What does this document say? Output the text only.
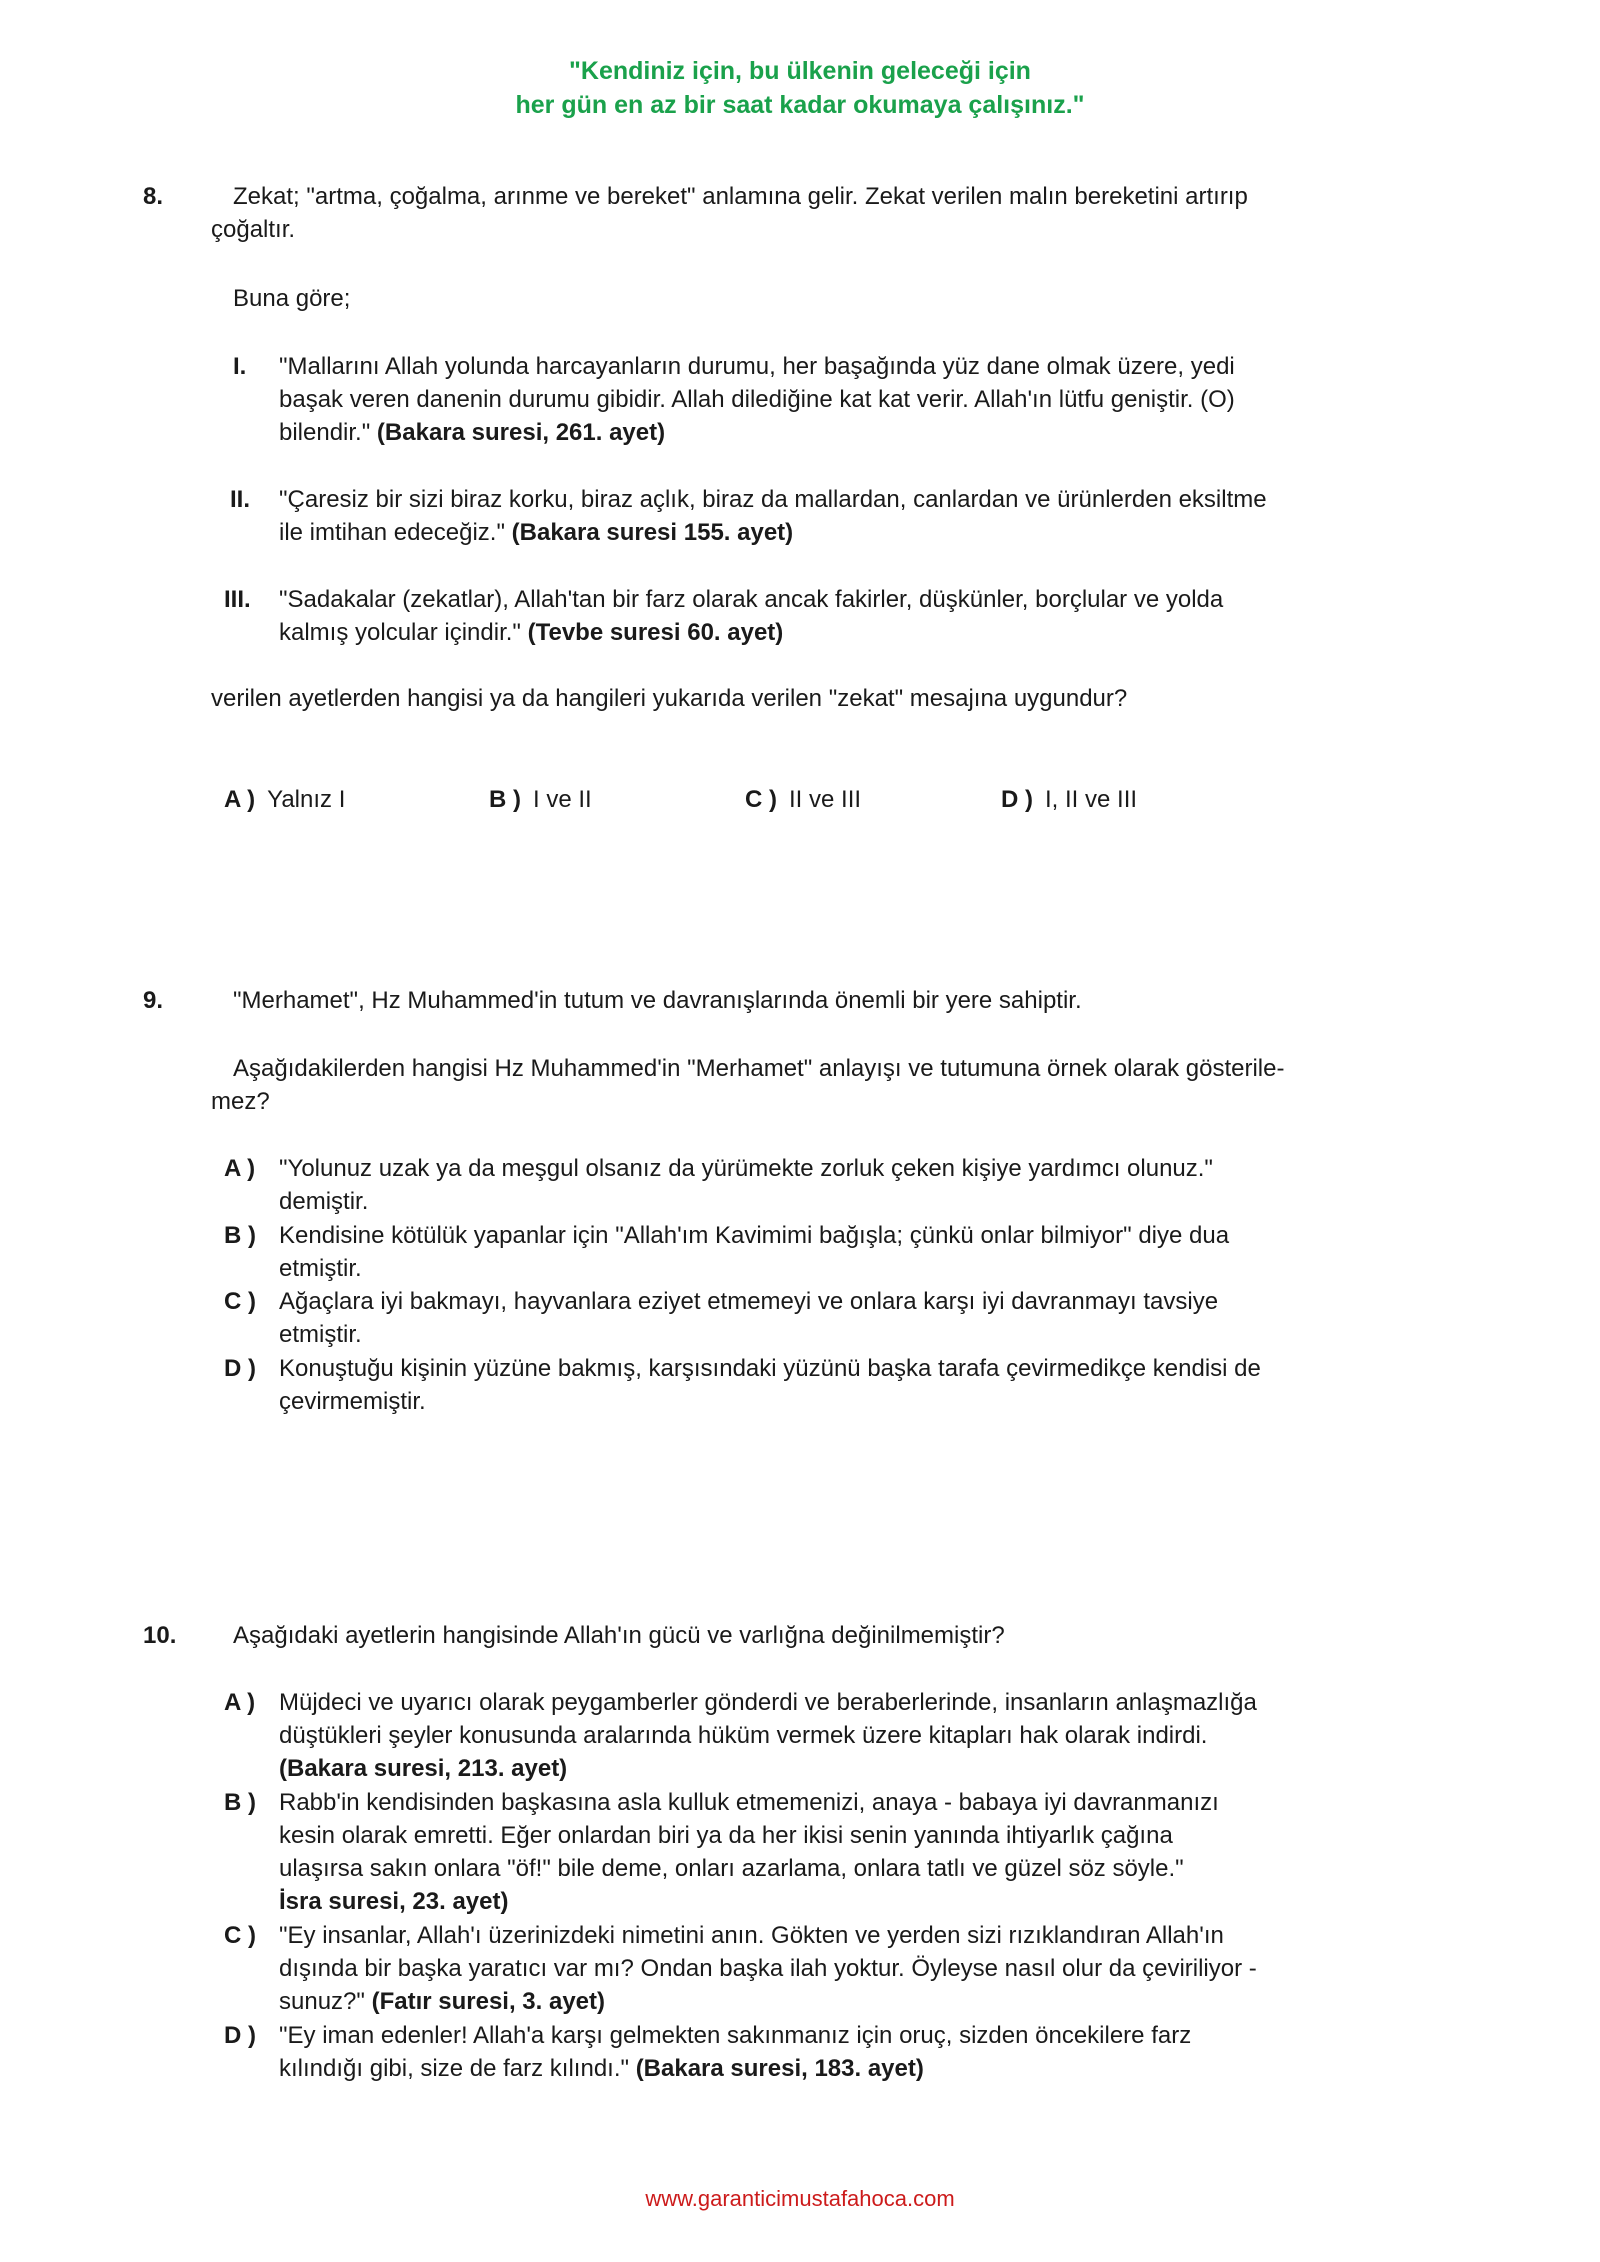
"Kendiniz için, bu ülkenin geleceği için
her gün en az bir saat kadar okumaya çalışınız."
8.	Zekat; "artma, çoğalma, arınme ve bereket" anlamına gelir. Zekat verilen malın bereketini artırıp
çoğaltır.
Buna göre;
I. "Mallarını Allah yolunda harcayanların durumu, her başağında yüz dane olmak üzere, yedi
başak veren danenin durumu gibidir. Allah dilediğine kat kat verir. Allah'ın lütfu geniştir. (O)
bilendir." (Bakara suresi, 261. ayet)
II. "Çaresiz bir sizi biraz korku, biraz açlık, biraz da mallardan, canlardan ve ürünlerden eksiltme
ile imtihan edeceğiz." (Bakara suresi 155. ayet)
III. "Sadakalar (zekatlar), Allah'tan bir farz olarak ancak fakirler, düşkünler, borçlular ve yolda
kalmış yolcular içindir." (Tevbe suresi 60. ayet)
verilen ayetlerden hangisi ya da hangileri yukarıda verilen "zekat" mesajına uygundur?
A ) Yalnız I	B ) I ve II	C ) II ve III	D ) I, II ve III
9.	"Merhamet", Hz Muhammed'in tutum ve davranışlarında önemli bir yere sahiptir.
Aşağıdakilerden hangisi Hz Muhammed'in "Merhamet" anlayışı ve tutumuna örnek olarak gösterile-
mez?
A ) "Yolunuz uzak ya da meşgul olsanız da yürümekte zorluk çeken kişiye yardımcı olunuz."
demiştir.
B ) Kendisine kötülük yapanlar için "Allah'ım Kavimimi bağışla; çünkü onlar bilmiyor" diye dua
etmiştir.
C ) Ağaçlara iyi bakmayı, hayvanlara eziyet etmemeyi ve onlara karşı iyi davranmayı tavsiye
etmiştir.
D ) Konuştuğu kişinin yüzüne bakmış, karşısındaki yüzünü başka tarafa çevirmedikçe kendisi de
çevirmemiştir.
10. Aşağıdaki ayetlerin hangisinde Allah'ın gücü ve varlığna değinilmemiştir?
A ) Müjdeci ve uyarıcı olarak peygamberler gönderdi ve beraberlerinde, insanların anlaşmazlığa
düştükleri şeyler konusunda aralarında hüküm vermek üzere kitapları hak olarak indirdi.
(Bakara suresi, 213. ayet)
B ) Rabb'in kendisinden başkasına asla kulluk etmemenizi, anaya - babaya iyi davranmanızı
kesin olarak emretti. Eğer onlardan biri ya da her ikisi senin yanında ihtiyarlık çağına
ulaşırsa sakın onlara "öf!" bile deme, onları azarlama, onlara tatlı ve güzel söz söyle."
İsra suresi, 23. ayet)
C ) "Ey insanlar, Allah'ı üzerinizdeki nimetini anın. Gökten ve yerden sizi rızıklandıran Allah'ın
dışında bir başka yaratıcı var mı? Ondan başka ilah yoktur. Öyleyse nasıl olur da çeviriliyor -
sunuz?" (Fatır suresi, 3. ayet)
D ) "Ey iman edenler! Allah'a karşı gelmekten sakınmanız için oruç, sizden öncekilere farz
kılındığı gibi, size de farz kılındı." (Bakara suresi, 183. ayet)
www.garanticimustafahoca.com
